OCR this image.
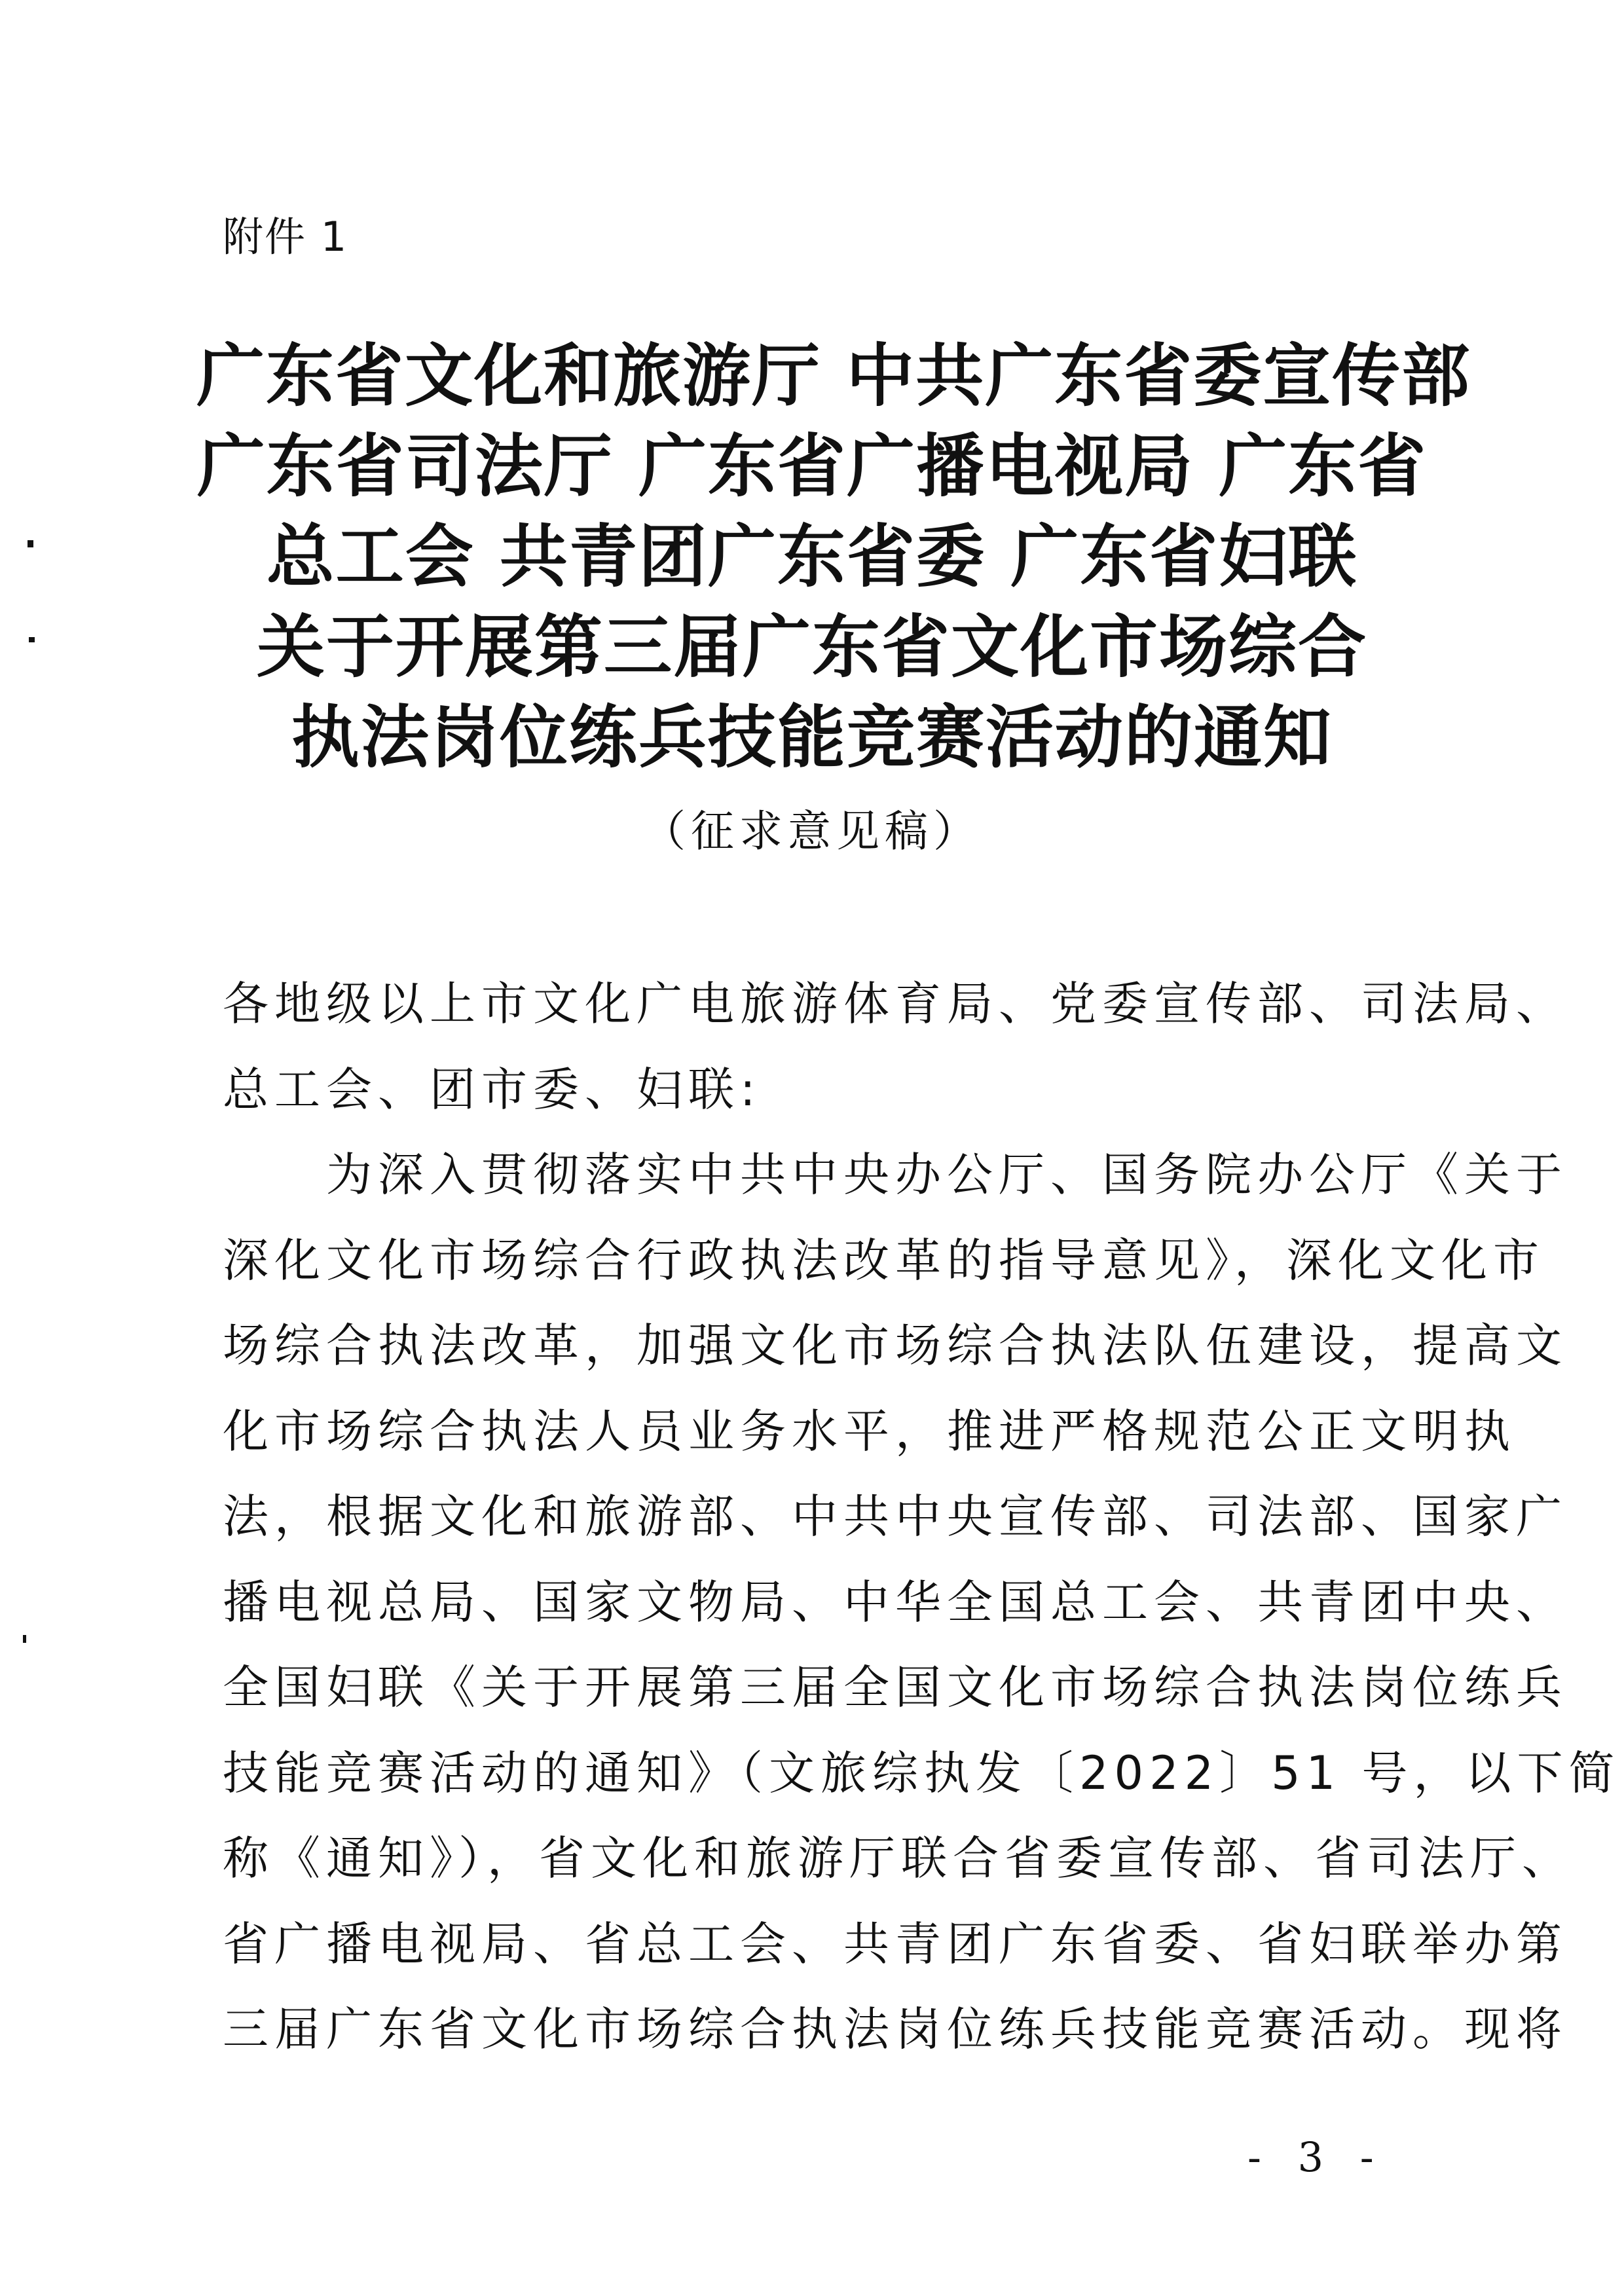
附件 1
广东省文化和旅游厅 中共广东省委宣传部
广东省司法厅 广东省广播电视局 广东省
总工会 共青团广东省委 广东省妇联
关于开展第三届广东省文化市场综合
执法岗位练兵技能竞赛活动的通知
（征求意见稿）
各地级以上市文化广电旅游体育局、党委宣传部、司法局、
总工会、团市委、妇联:
　　为深入贯彻落实中共中央办公厅、国务院办公厅《关于
深化文化市场综合行政执法改革的指导意见》，深化文化市
场综合执法改革，加强文化市场综合执法队伍建设，提高文
化市场综合执法人员业务水平，推进严格规范公正文明执
法，根据文化和旅游部、中共中央宣传部、司法部、国家广
播电视总局、国家文物局、中华全国总工会、共青团中央、
全国妇联《关于开展第三届全国文化市场综合执法岗位练兵
技能竞赛活动的通知》（文旅综执发〔2022〕51 号，以下简
称《通知》），省文化和旅游厅联合省委宣传部、省司法厅、
省广播电视局、省总工会、共青团广东省委、省妇联举办第
三届广东省文化市场综合执法岗位练兵技能竞赛活动。现将
- 3 -
